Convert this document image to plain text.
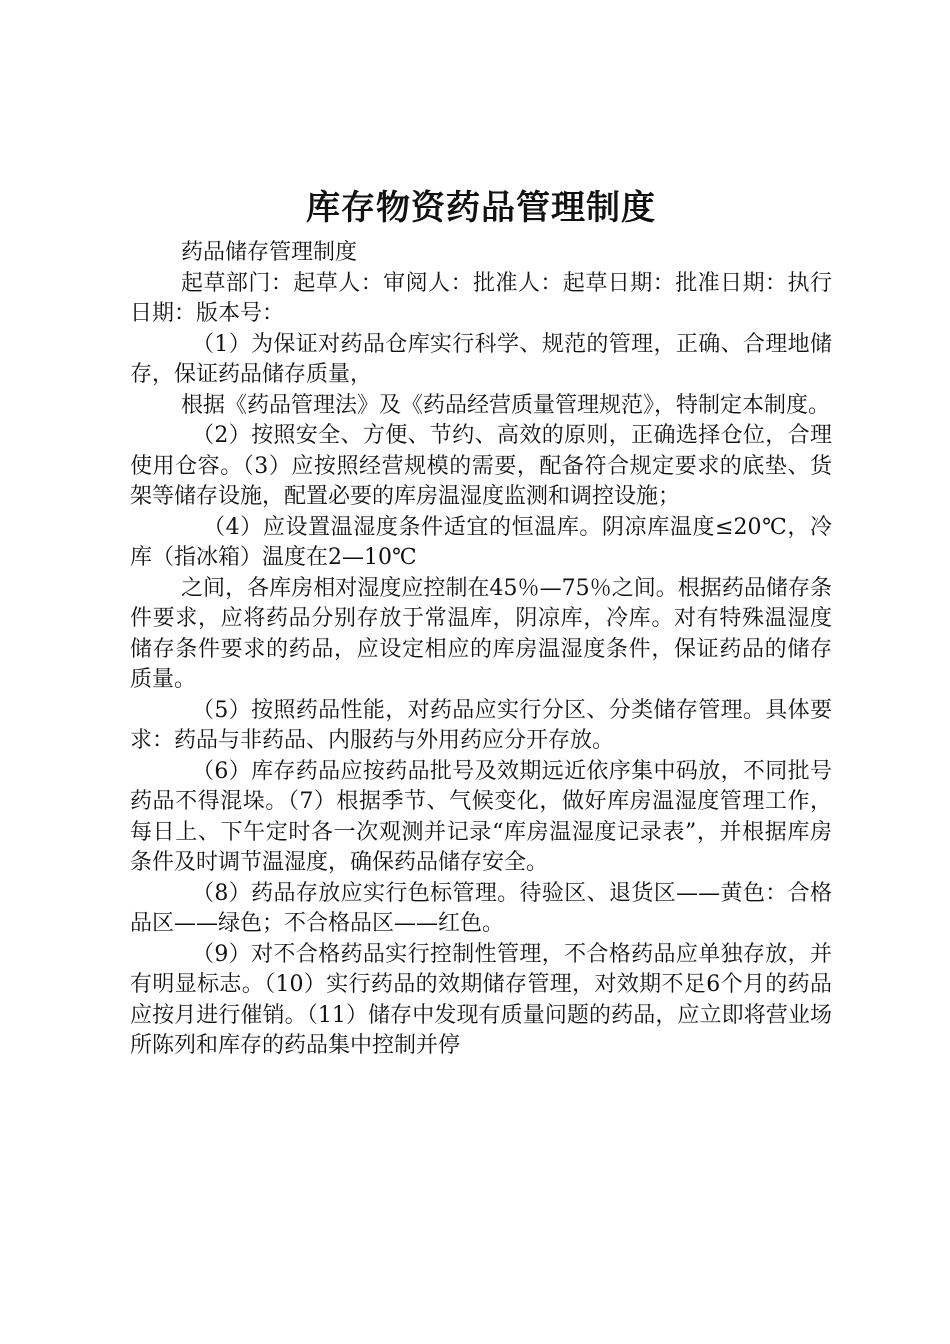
库存物资药品管理制度

药品储存管理制度

起草部门：起草人：审阅人：批准人：起草日期：批准日期：执行日期：版本号：

（1）为保证对药品仓库实行科学、规范的管理，正确、合理地储存，保证药品储存质量，

根据《药品管理法》及《药品经营质量管理规范》，特制定本制度。

（2）按照安全、方便、节约、高效的原则，正确选择仓位，合理使用仓容。（3）应按照经营规模的需要，配备符合规定要求的底垫、货架等储存设施，配置必要的库房温湿度监测和调控设施；

（4）应设置温湿度条件适宜的恒温库。阴凉库温度≤20℃，冷库（指冰箱）温度在2—10℃

之间，各库房相对湿度应控制在45％—75％之间。根据药品储存条件要求，应将药品分别存放于常温库，阴凉库，冷库。对有特殊温湿度储存条件要求的药品，应设定相应的库房温湿度条件，保证药品的储存质量。

（5）按照药品性能，对药品应实行分区、分类储存管理。具体要求：药品与非药品、内服药与外用药应分开存放。

（6）库存药品应按药品批号及效期远近依序集中码放，不同批号药品不得混垛。（7）根据季节、气候变化，做好库房温湿度管理工作，每日上、下午定时各一次观测并记录“库房温湿度记录表”，并根据库房条件及时调节温湿度，确保药品储存安全。

（8）药品存放应实行色标管理。待验区、退货区——黄色：合格品区——绿色；不合格品区——红色。

（9）对不合格药品实行控制性管理，不合格药品应单独存放，并有明显标志。（10）实行药品的效期储存管理，对效期不足6个月的药品应按月进行催销。（11）储存中发现有质量问题的药品，应立即将营业场所陈列和库存的药品集中控制并停
